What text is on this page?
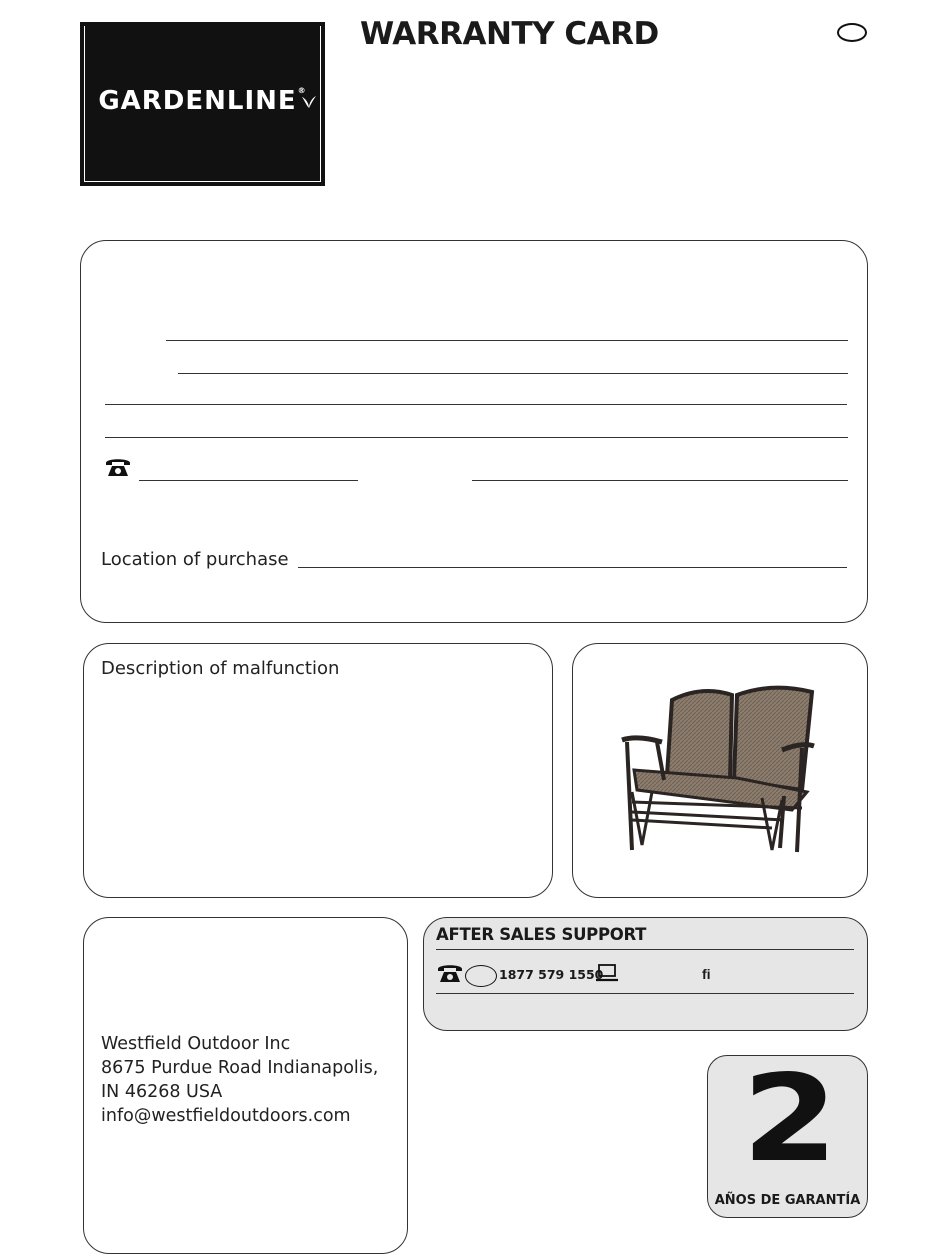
GARDENLINE®
WARRANTY CARD
Location of purchase
Description of malfunction
Westfield Outdoor Inc
8675 Purdue Road Indianapolis,
IN 46268 USA
info@westfieldoutdoors.com
AFTER SALES SUPPORT
1877 579 1550	ﬁ
2
AÑOS DE GARANTÍA
